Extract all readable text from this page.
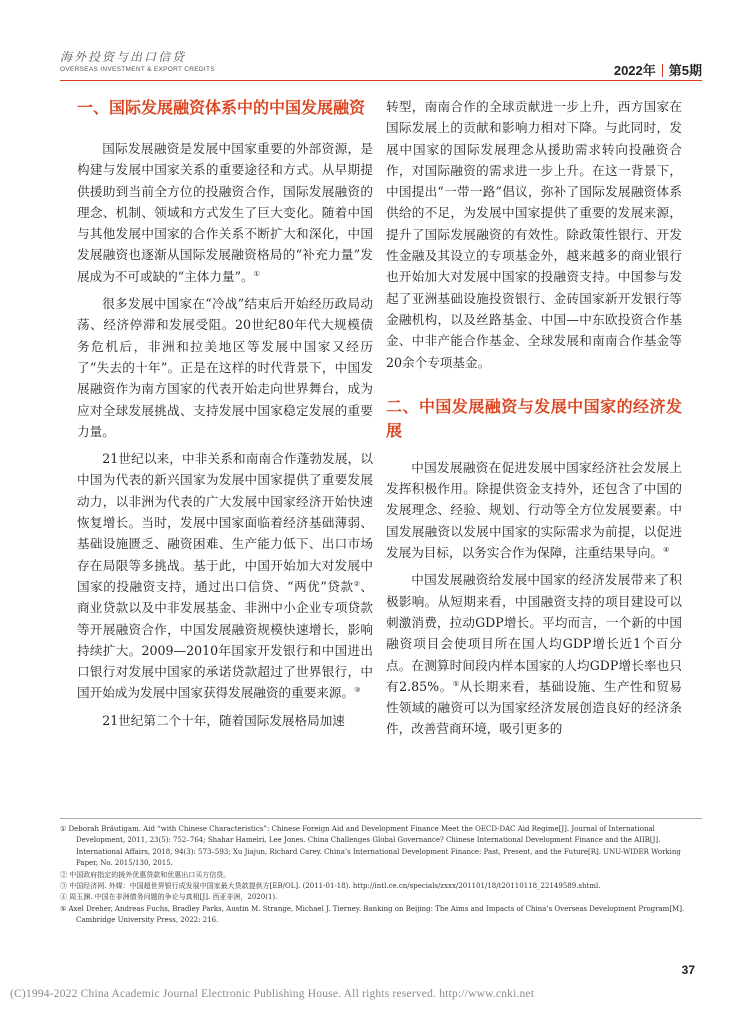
海外投资与出口信贷
OVERSEAS INVESTMENT & EXPORT CREDITS	2022年 第5期
一、国际发展融资体系中的中国发展融资

国际发展融资是发展中国家重要的外部资源，是构建与发展中国家关系的重要途径和方式。从早期提供援助到当前全方位的投融资合作，国际发展融资的理念、机制、领域和方式发生了巨大变化。随着中国与其他发展中国家的合作关系不断扩大和深化，中国发展融资也逐渐从国际发展融资格局的“补充力量”发展成为不可或缺的“主体力量”。①

很多发展中国家在“冷战”结束后开始经历政局动荡、经济停滞和发展受阻。20世纪80年代大规模债务危机后，非洲和拉美地区等发展中国家又经历了“失去的十年”。正是在这样的时代背景下，中国发展融资作为南方国家的代表开始走向世界舞台，成为应对全球发展挑战、支持发展中国家稳定发展的重要力量。

21世纪以来，中非关系和南南合作蓬勃发展，以中国为代表的新兴国家为发展中国家提供了重要发展动力，以非洲为代表的广大发展中国家经济开始快速恢复增长。当时，发展中国家面临着经济基础薄弱、基础设施匮乏、融资困难、生产能力低下、出口市场存在局限等多挑战。基于此，中国开始加大对发展中国家的投融资支持，通过出口信贷、“两优”贷款②、商业贷款以及中非发展基金、非洲中小企业专项贷款等开展融资合作，中国发展融资规模快速增长，影响持续扩大。2009—2010年国家开发银行和中国进出口银行对发展中国家的承诺贷款超过了世界银行，中国开始成为发展中国家获得发展融资的重要来源。③

21世纪第二个十年，随着国际发展格局加速

转型，南南合作的全球贡献进一步上升，西方国家在国际发展上的贡献和影响力相对下降。与此同时，发展中国家的国际发展理念从援助需求转向投融资合作，对国际融资的需求进一步上升。在这一背景下，中国提出“一带一路”倡议，弥补了国际发展融资体系供给的不足，为发展中国家提供了重要的发展来源，提升了国际发展融资的有效性。除政策性银行、开发性金融及其设立的专项基金外，越来越多的商业银行也开始加大对发展中国家的投融资支持。中国参与发起了亚洲基础设施投资银行、金砖国家新开发银行等金融机构，以及丝路基金、中国—中东欧投资合作基金、中非产能合作基金、全球发展和南南合作基金等20余个专项基金。

二、中国发展融资与发展中国家的经济发展

中国发展融资在促进发展中国家经济社会发展上发挥积极作用。除提供资金支持外，还包含了中国的发展理念、经验、规划、行动等全方位发展要素。中国发展融资以发展中国家的实际需求为前提，以促进发展为目标，以务实合作为保障，注重结果导向。④

中国发展融资给发展中国家的经济发展带来了积极影响。从短期来看，中国融资支持的项目建设可以刺激消费，拉动GDP增长。平均而言，一个新的中国融资项目会使项目所在国人均GDP增长近1个百分点。在测算时间段内样本国家的人均GDP增长率也只有2.85%。⑤从长期来看，基础设施、生产性和贸易性领域的融资可以为国家经济发展创造良好的经济条件，改善营商环境，吸引更多的

① Deborah Bräutigam. Aid “with Chinese Characteristics”: Chinese Foreign Aid and Development Finance Meet the OECD-DAC Aid Regime[J]. Journal of International Development, 2011, 23(5): 752–764; Shahar Hameiri, Lee Jones. China Challenges Global Governance? Chinese International Development Finance and the AIIB[J]. International Affairs, 2018, 94(3): 573–593; Xu Jiajun, Richard Carey. China’s International Development Finance: Past, Present, and the Future[R]. UNU-WIDER Working Paper, No. 2015/130, 2015.
② 中国政府指定的援外优惠贷款和优惠出口买方信贷。
③ 中国经济网. 外媒：中国超世界银行成发展中国家最大贷款提供方[EB/OL]. (2011-01-18). http://intl.ce.cn/specials/zxxx/201101/18/t20110118_22149589.shtml.
④ 周玉渊. 中国在非洲债务问题的争论与真相[J]. 西亚非洲，2020(1).
⑤ Axel Dreher, Andreas Fuchs, Bradley Parks, Austin M. Strange, Michael J. Tierney. Banking on Beijing: The Aims and Impacts of China’s Overseas Development Program[M]. Cambridge University Press, 2022: 216.
37
(C)1994-2022 China Academic Journal Electronic Publishing House. All rights reserved. http://www.cnki.net
